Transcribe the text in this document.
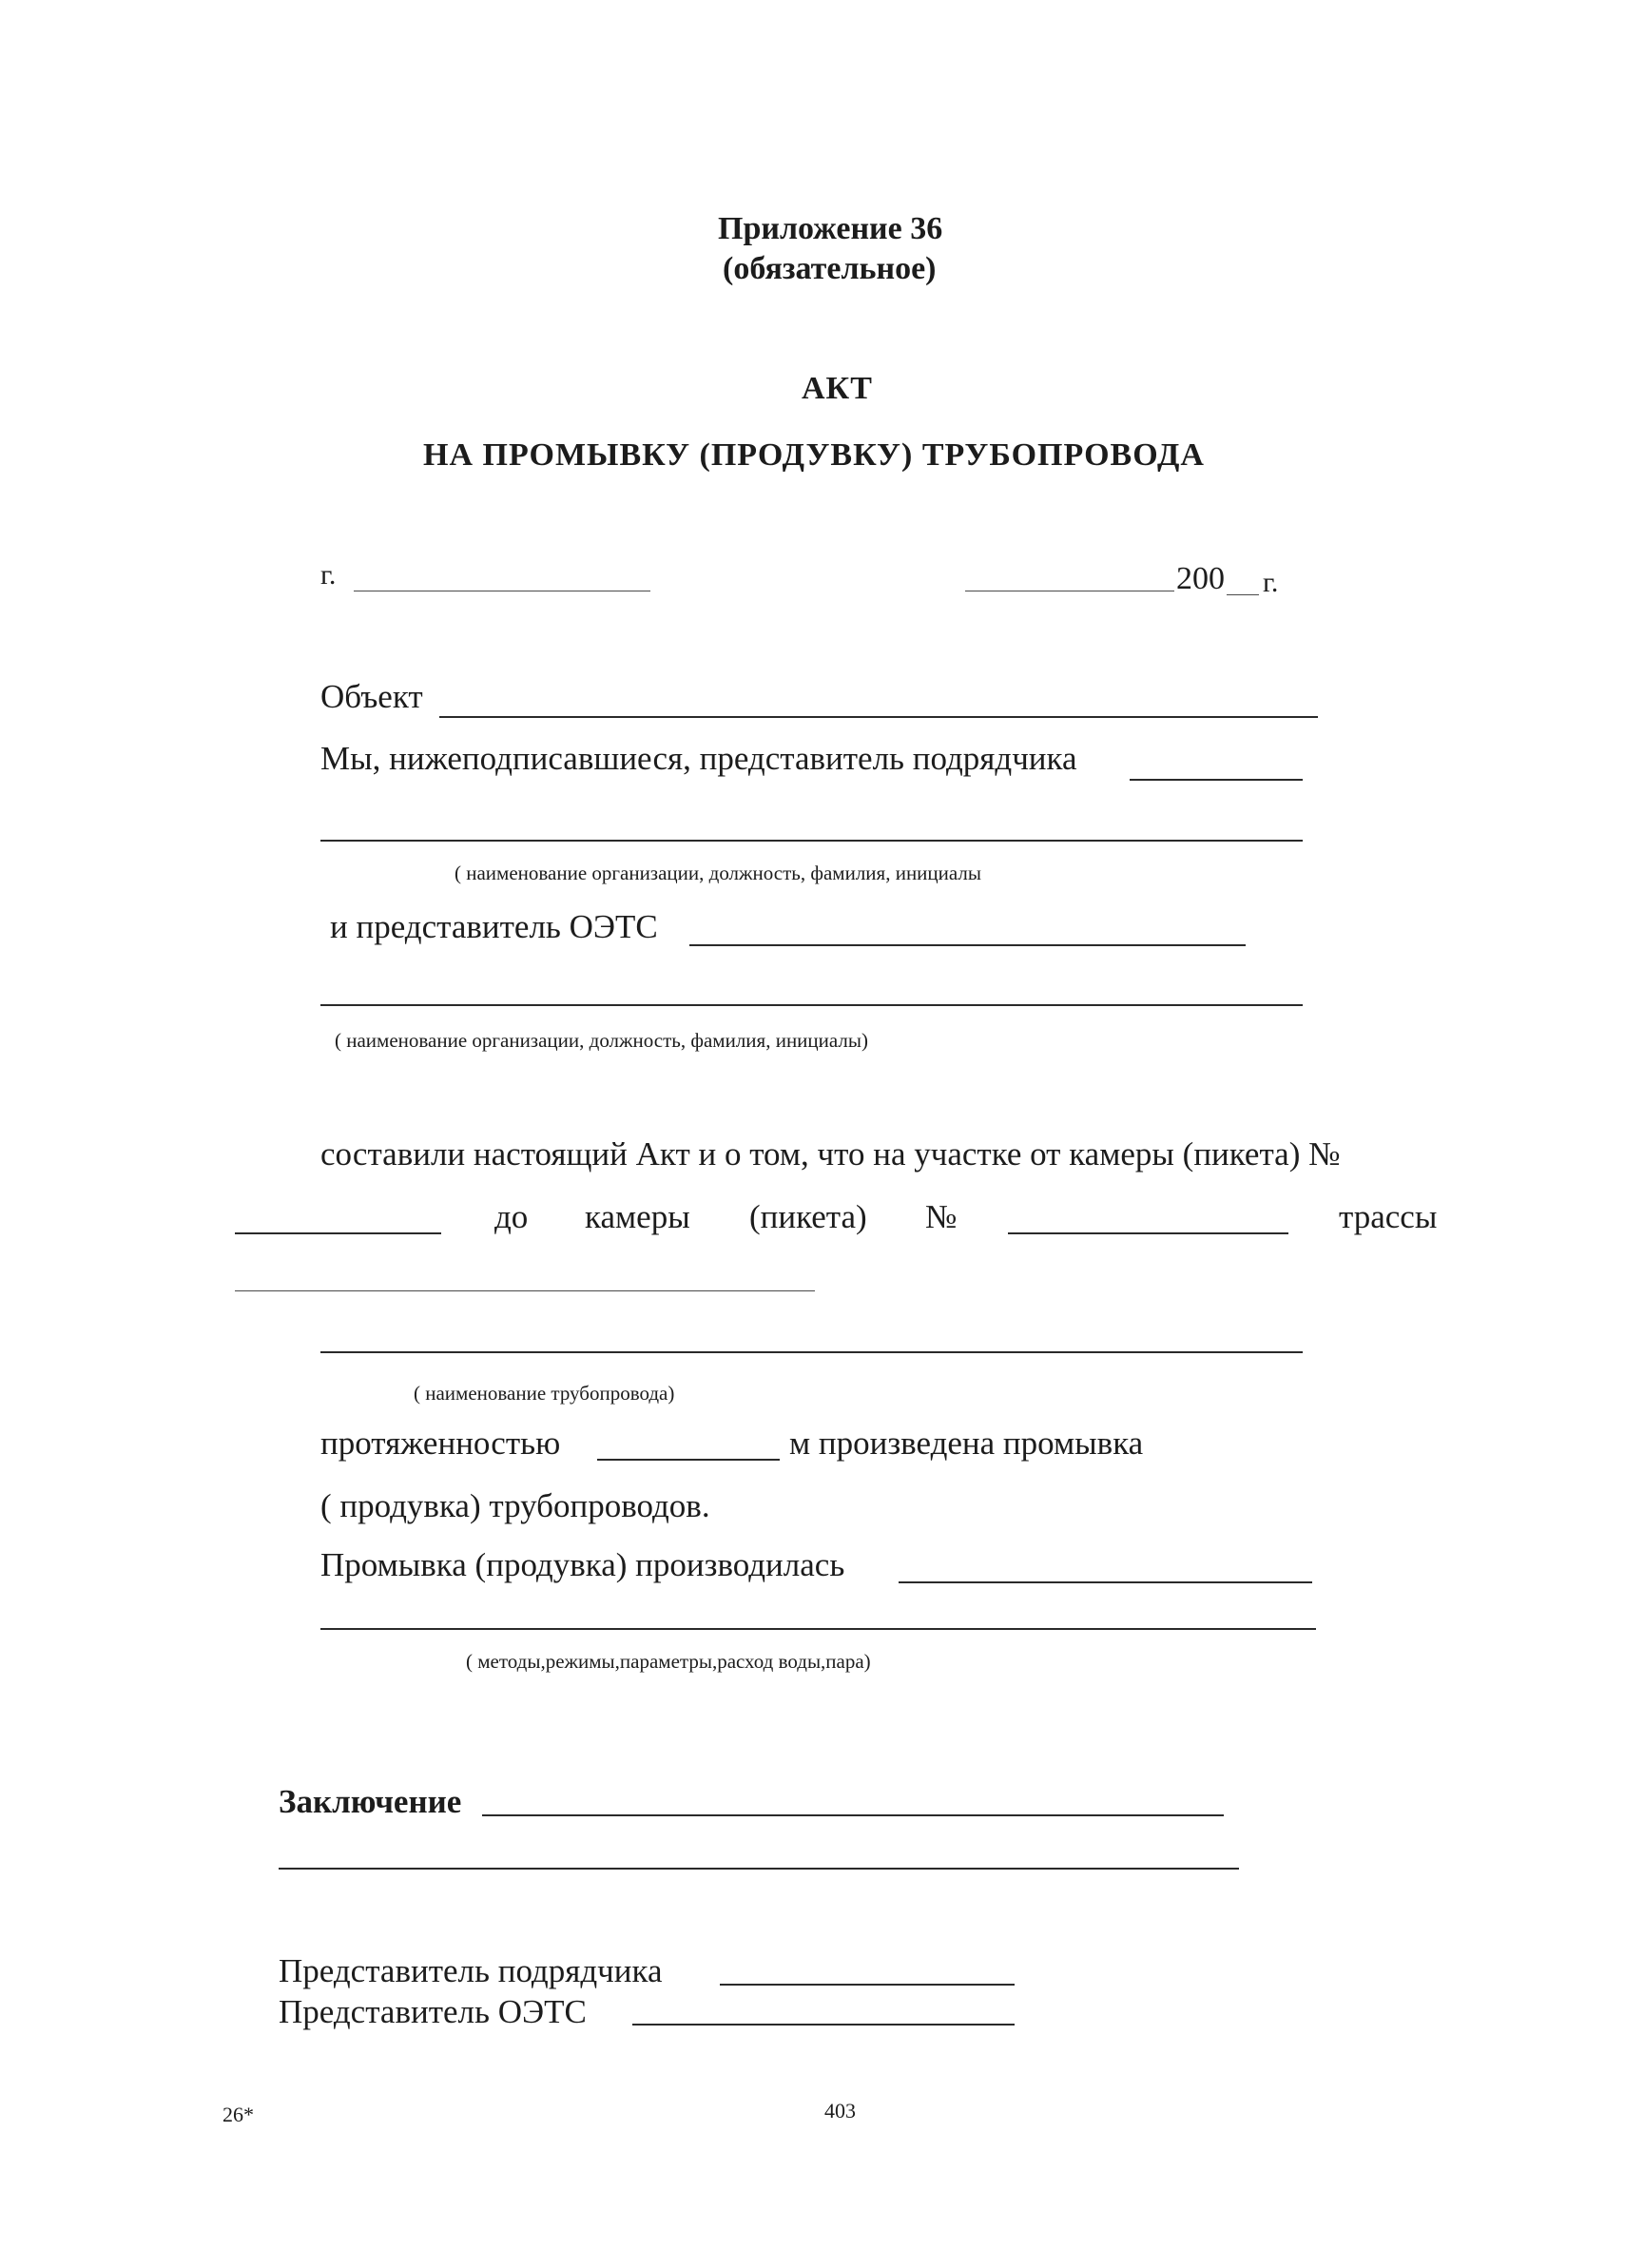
Приложение 36
(обязательное)
АКТ
НА ПРОМЫВКУ (ПРОДУВКУ) ТРУБОПРОВОДА
г.	200 г.
Объект
Мы, нижеподписавшиеся, представитель подрядчика
( наименование организации, должность, фамилия, инициалы
и представитель ОЭТС
( наименование организации, должность, фамилия, инициалы)
составили настоящий Акт и о том, что на участке от камеры (пикета) №
до камеры (пикета) №	трассы
( наименование трубопровода)
протяженностью	м произведена промывка
( продувка) трубопроводов.
Промывка (продувка) производилась
( методы,режимы,параметры,расход воды,пара)
Заключение
Представитель подрядчика
Представитель ОЭТС
26*	403
